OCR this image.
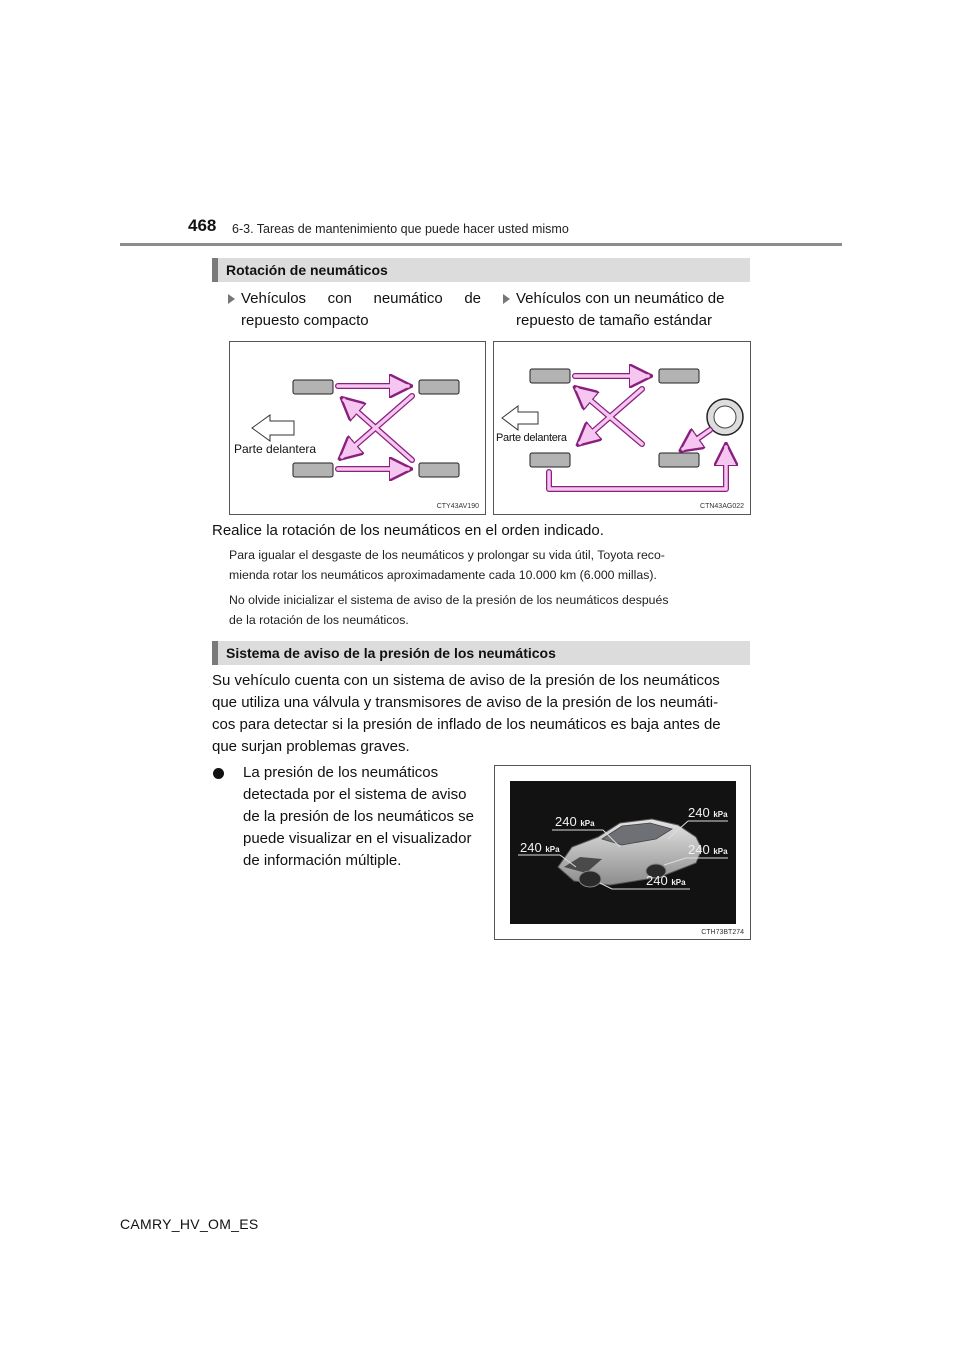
468 6-3. Tareas de mantenimiento que puede hacer usted mismo
Rotación de neumáticos
Vehículos con neumático de repuesto compacto
Vehículos con un neumático de repuesto de tamaño estándar
Parte delantera
CTY43AV190
Parte delantera
CTN43AG022
Realice la rotación de los neumáticos en el orden indicado.
Para igualar el desgaste de los neumáticos y prolongar su vida útil, Toyota reco-
mienda rotar los neumáticos aproximadamente cada 10.000 km (6.000 millas).
No olvide inicializar el sistema de aviso de la presión de los neumáticos después
de la rotación de los neumáticos.
Sistema de aviso de la presión de los neumáticos
Su vehículo cuenta con un sistema de aviso de la presión de los neumáticos
que utiliza una válvula y transmisores de aviso de la presión de los neumáti-
cos para detectar si la presión de inflado de los neumáticos es baja antes de
que surjan problemas graves.
La presión de los neumáticos
detectada por el sistema de aviso
de la presión de los neumáticos se
puede visualizar en el visualizador
de información múltiple.
240 kPa
240 kPa
240 kPa
240 kPa
240 kPa
CTH73BT274
CAMRY_HV_OM_ES
